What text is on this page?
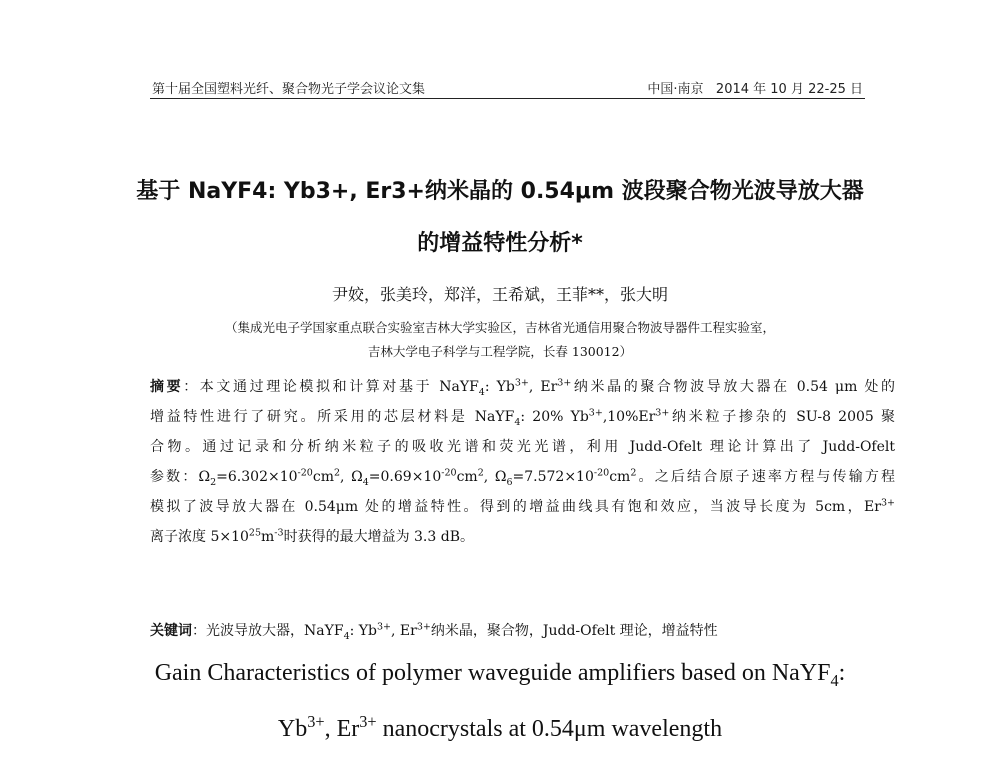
第十届全国塑料光纤、聚合物光子学会议论文集	中国·南京   2014 年 10 月 22-25 日
基于 NaYF4: Yb3+, Er3+纳米晶的 0.54μm 波段聚合物光波导放大器
的增益特性分析*
尹姣，张美玲，郑洋，王希斌，王菲**，张大明
（集成光电子学国家重点联合实验室吉林大学实验区，吉林省光通信用聚合物波导器件工程实验室，
吉林大学电子科学与工程学院，长春 130012）
摘要：本文通过理论模拟和计算对基于 NaYF$_4$: $Yb^{3+}$, $Er^{3+}$纳米晶的聚合物波导放大器在 0.54 μm 处的
增益特性进行了研究。所采用的芯层材料是 NaYF$_4$: 20% $Yb^{3+},10\%Er^{3+}$纳米粒子掺杂的 SU-8 2005 聚
合物。通过记录和分析纳米粒子的吸收光谱和荧光光谱，利用 Judd-Ofelt 理论计算出了 Judd-Ofelt
参数：$\Omega_2=6.302\times 10^{-20}cm^2$, $\Omega_4=0.69\times 10^{-20}cm^2$, $\Omega_6=7.572\times 10^{-20}cm^2$。之后结合原子速率方程与传输方程
模拟了波导放大器在 0.54μm 处的增益特性。得到的增益曲线具有饱和效应，当波导长度为 5cm，$Er^{3+}$
离子浓度 $5\times 10^{25}m^{-3}$时获得的最大增益为 3.3 dB。
关键词：光波导放大器，NaYF$_4$: $Yb^{3+}$, $Er^{3+}$纳米晶，聚合物，Judd-Ofelt 理论，增益特性
Gain Characteristics of polymer waveguide amplifiers based on NaYF$_4$:
$Yb^{3+}$, $Er^{3+}$ nanocrystals at 0.54μm wavelength
